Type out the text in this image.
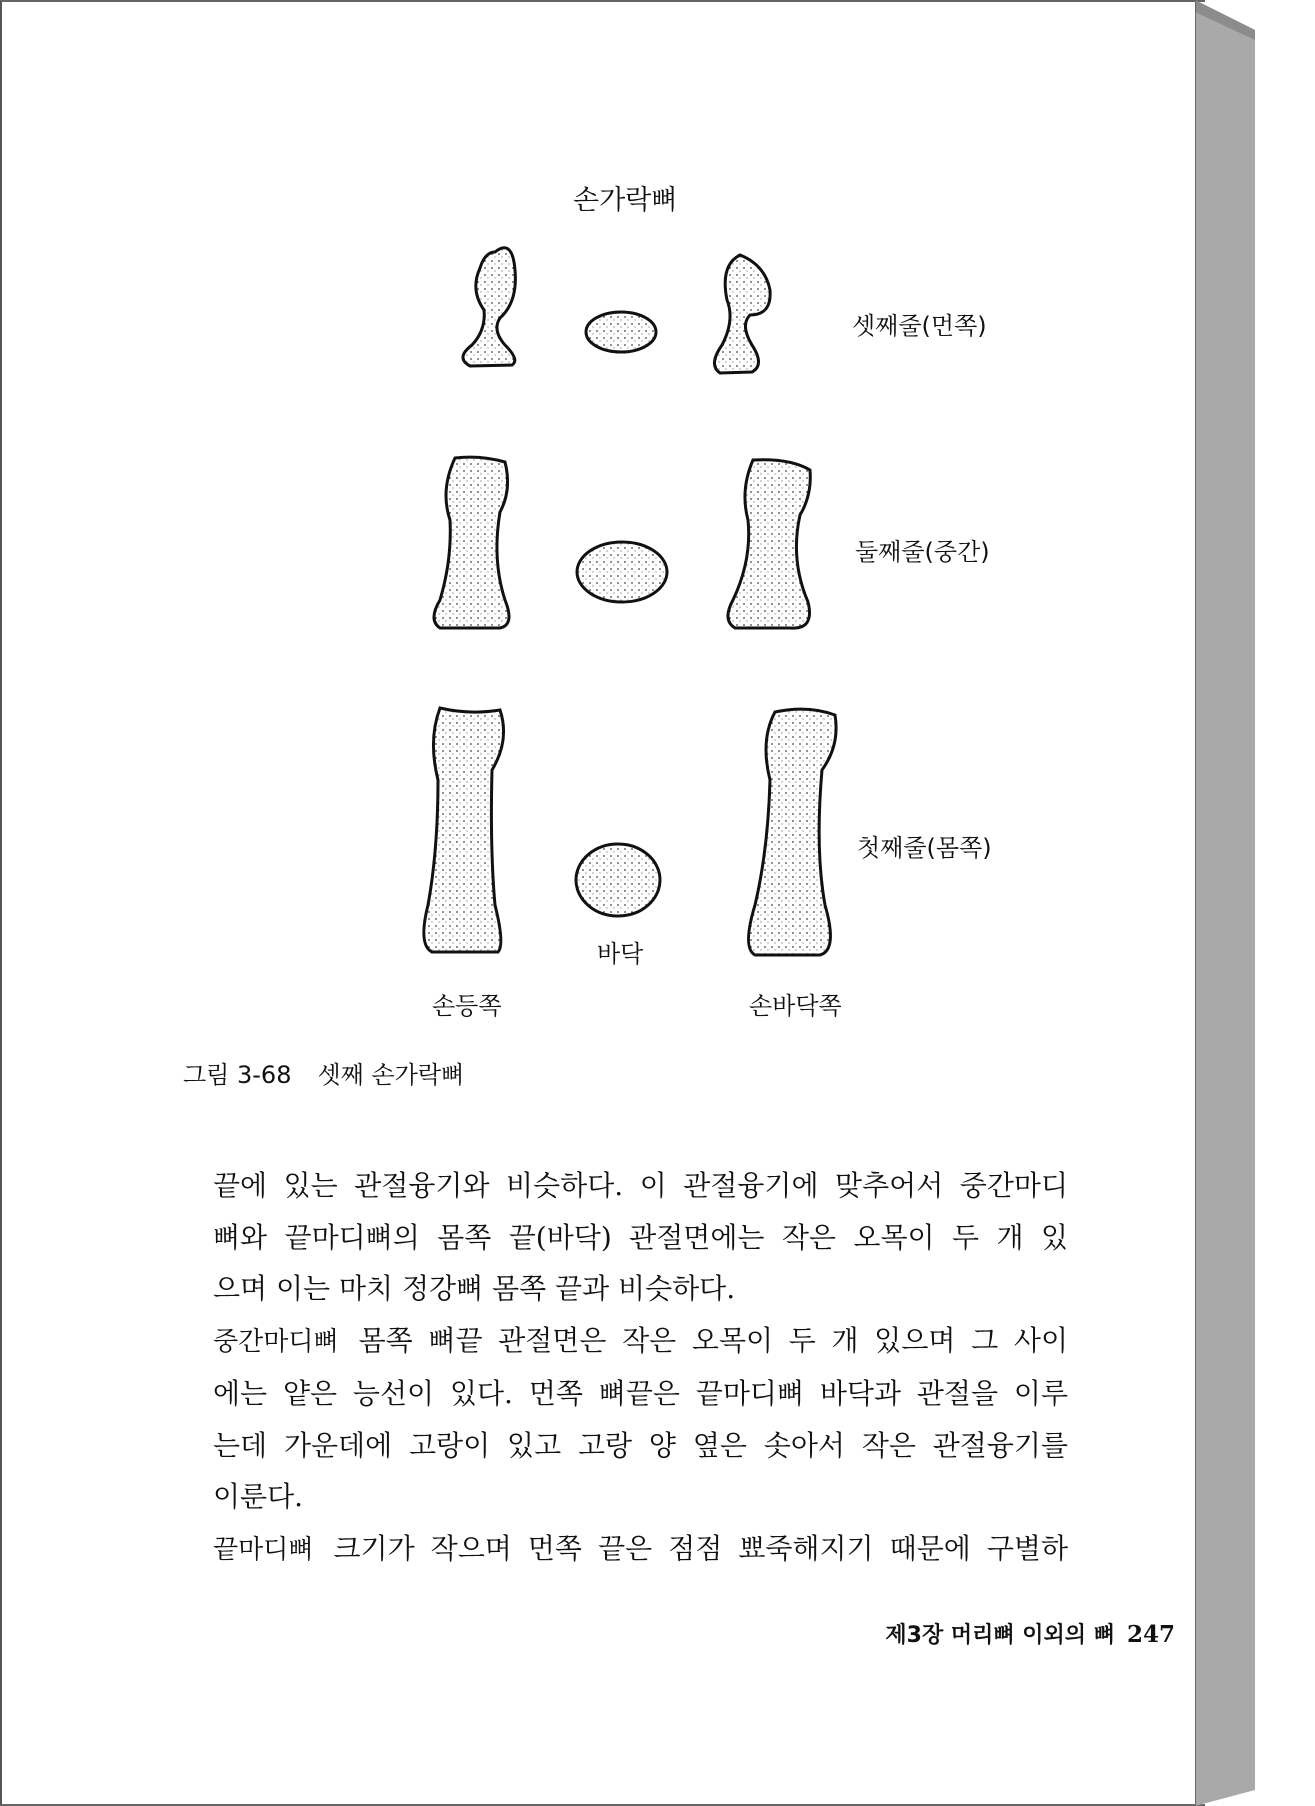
손가락뼈
셋째줄(먼쪽)
둘째줄(중간)
첫째줄(몸쪽)
바닥
손등쪽	손바닥쪽
그림 3-68 셋째 손가락뼈
끝에 있는 관절융기와 비슷하다. 이 관절융기에 맞추어서 중간마디
뼈와 끝마디뼈의 몸쪽 끝(바닥) 관절면에는 작은 오목이 두 개 있
으며 이는 마치 정강뼈 몸쪽 끝과 비슷하다.
중간마디뼈 몸쪽 뼈끝 관절면은 작은 오목이 두 개 있으며 그 사이
에는 얕은 능선이 있다. 먼쪽 뼈끝은 끝마디뼈 바닥과 관절을 이루
는데 가운데에 고랑이 있고 고랑 양 옆은 솟아서 작은 관절융기를
이룬다.
끝마디뼈 크기가 작으며 먼쪽 끝은 점점 뾰죽해지기 때문에 구별하
제3장 머리뼈 이외의 뼈 247
